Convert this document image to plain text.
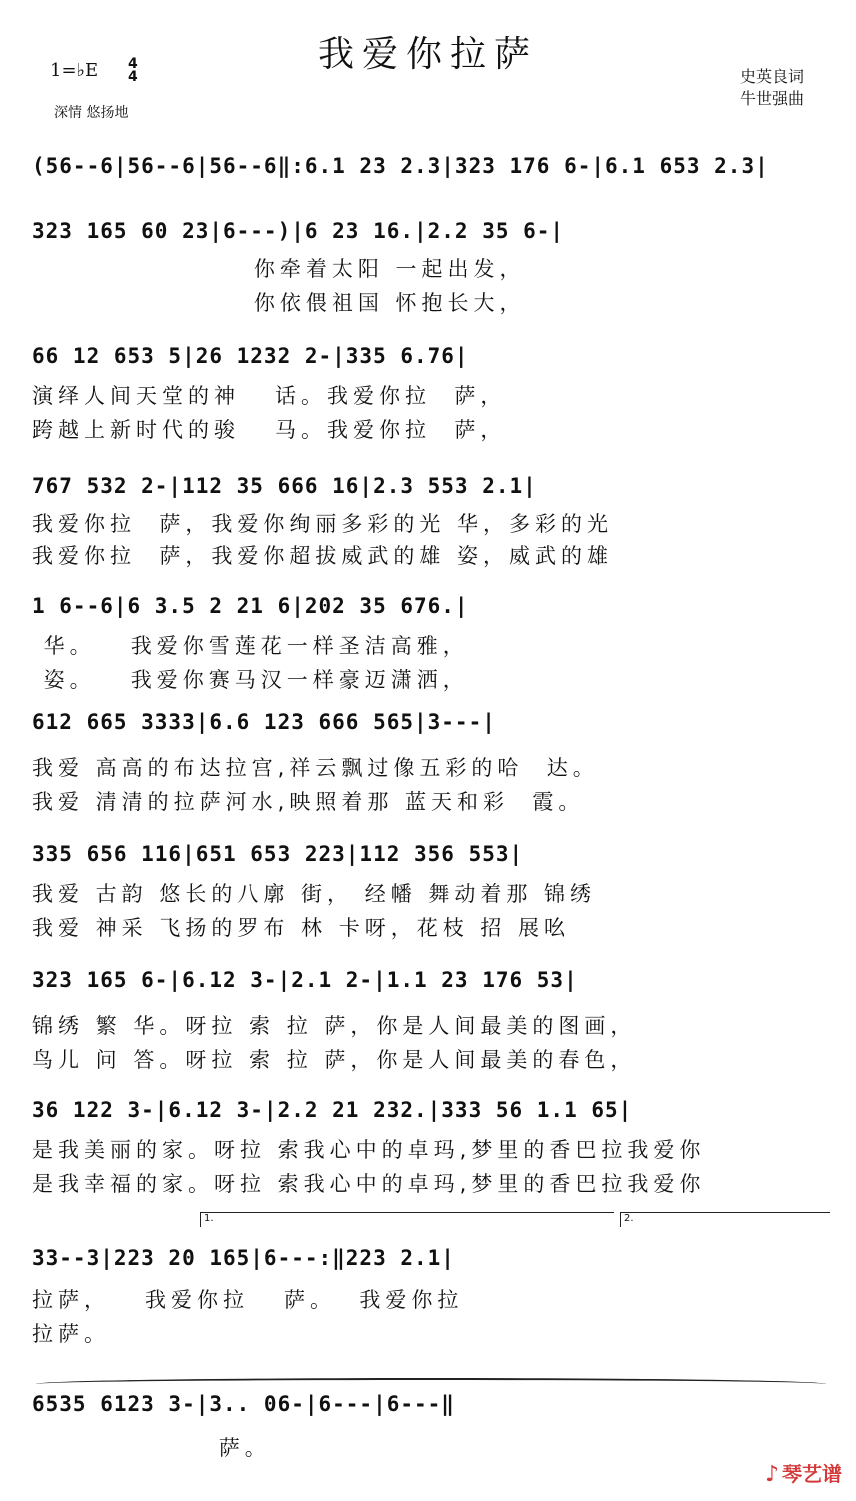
我爱你拉萨
1=♭E 4
4
深情 悠扬地
史英良词
牛世强曲
(56--6|56--6|56--6‖:6.1 23 2.3|323 176 6-|6.1 653 2.3|
323 165 60 23|6---)|6 23 16.|2.2 35 6-|
你牵着太阳 一起出发，
你依偎祖国 怀抱长大，
66 12 653 5|26 1232 2-|335 6.76|
演绎人间天堂的神   话。我爱你拉  萨，
跨越上新时代的骏   马。我爱你拉  萨，
767 532 2-|112 35 666 16|2.3 553 2.1|
我爱你拉  萨，我爱你绚丽多彩的光 华，多彩的光
我爱你拉  萨，我爱你超拔威武的雄 姿，威武的雄
1 6--6|6 3.5 2 21 6|202 35 676.|
华。   我爱你雪莲花一样圣洁高雅，
姿。   我爱你赛马汉一样豪迈潇洒，
612 665 3333|6.6 123 666 565|3---|
我爱 高高的布达拉宫,祥云飘过像五彩的哈  达。
我爱 清清的拉萨河水,映照着那 蓝天和彩  霞。
335 656 116|651 653 223|112 356 553|
我爱 古韵 悠长的八廓 街， 经幡 舞动着那 锦绣
我爱 神采 飞扬的罗布 林 卡呀，花枝 招 展吆
323 165 6-|6.12 3-|2.1 2-|1.1 23 176 53|
锦绣 繁 华。呀拉 索 拉 萨，你是人间最美的图画，
鸟儿 问 答。呀拉 索 拉 萨，你是人间最美的春色，
36 122 3-|6.12 3-|2.2 21 232.|333 56 1.1 65|
是我美丽的家。呀拉 索我心中的卓玛,梦里的香巴拉我爱你
是我幸福的家。呀拉 索我心中的卓玛,梦里的香巴拉我爱你
1.	2.
33--3|223 20 165|6---:‖223 2.1|
拉萨，   我爱你拉   萨。  我爱你拉
拉萨。
6535 6123 3-|3.. 06-|6---|6---‖
萨。
♪ 琴艺谱
